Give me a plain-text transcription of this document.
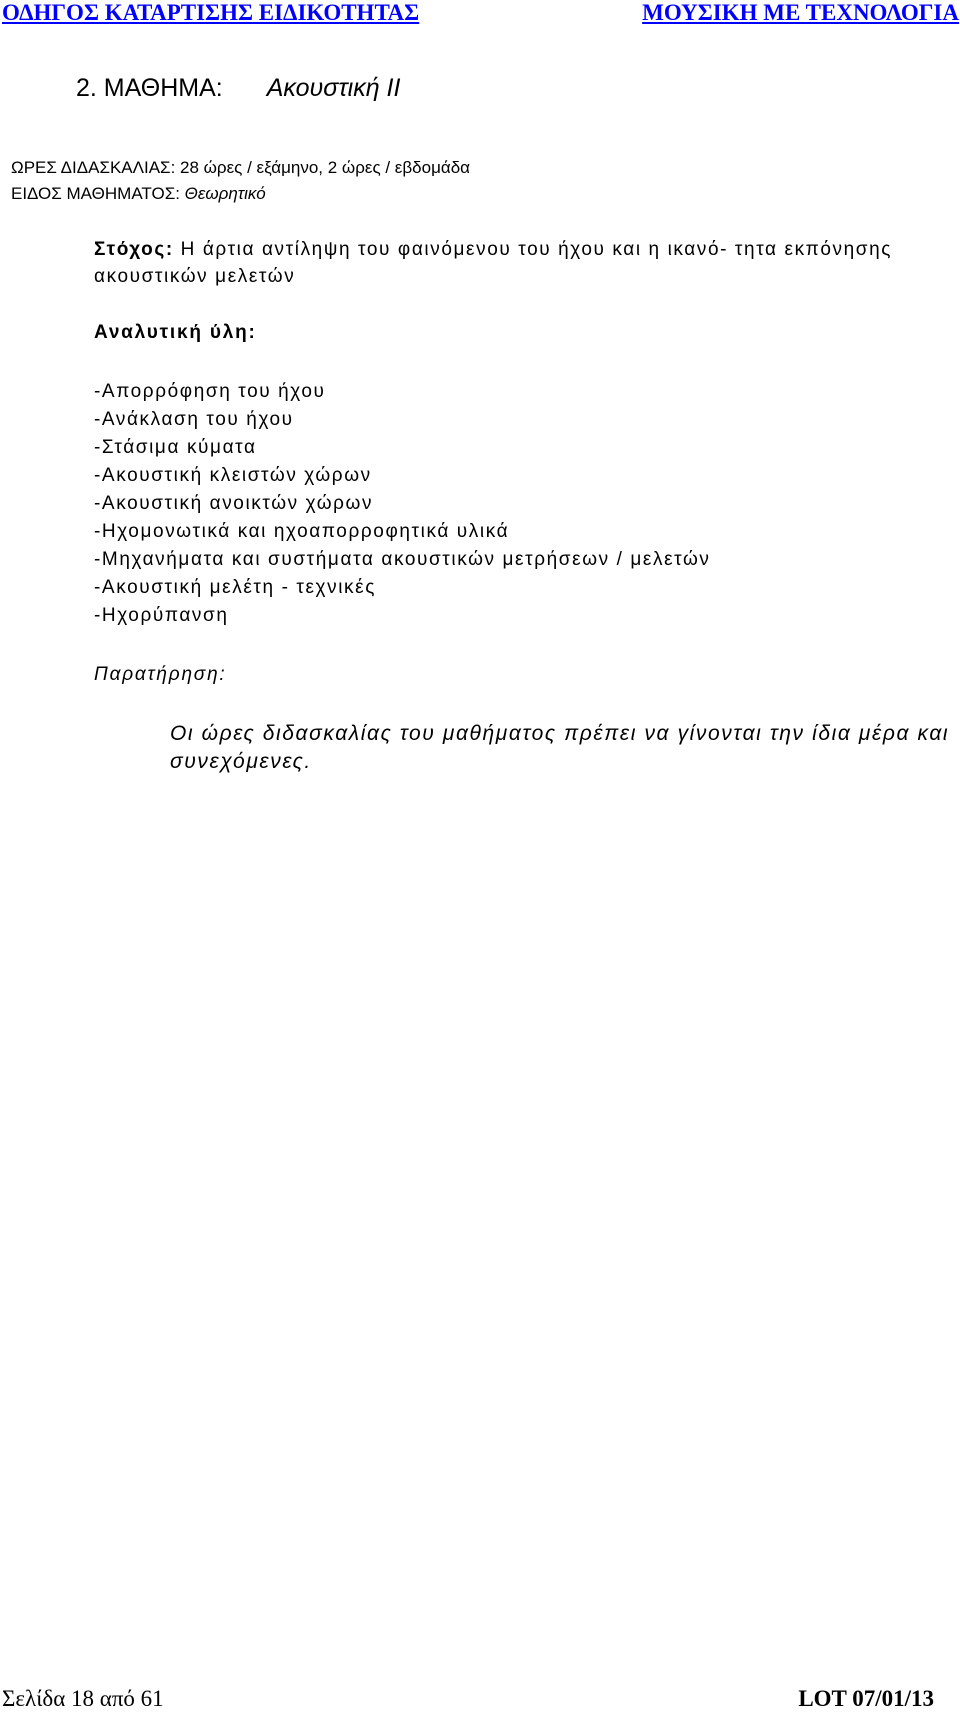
ΟΔΗΓΟΣ ΚΑΤΑΡΤΙΣΗΣ ΕΙΔΙΚΟΤΗΤΑΣ	ΜΟΥΣΙΚΗ ΜΕ ΤΕΧΝΟΛΟΓΙΑ
2. ΜΑΘΗΜΑ: Ακουστική ΙΙ
ΩΡΕΣ ΔΙΔΑΣΚΑΛΙΑΣ: 28 ώρες / εξάμηνο, 2 ώρες / εβδομάδα
ΕΙΔΟΣ ΜΑΘΗΜΑΤΟΣ: Θεωρητικό
Στόχος: Η άρτια αντίληψη του φαινόμενου του ήχου και η ικανό- τητα εκπόνησης ακουστικών μελετών
Αναλυτική ύλη:
-Απορρόφηση του ήχου
-Ανάκλαση του ήχου
-Στάσιμα κύματα
-Ακουστική κλειστών χώρων
-Ακουστική ανοικτών χώρων
-Ηχομονωτικά και ηχοαπορροφητικά υλικά
-Μηχανήματα και συστήματα ακουστικών μετρήσεων / μελετών
-Ακουστική μελέτη - τεχνικές
-Ηχορύπανση
Παρατήρηση:
Οι ώρες διδασκαλίας του μαθήματος πρέπει να γίνονται την ίδια μέρα και συνεχόμενες.
Σελίδα 18 από 61	LOT 07/01/13
